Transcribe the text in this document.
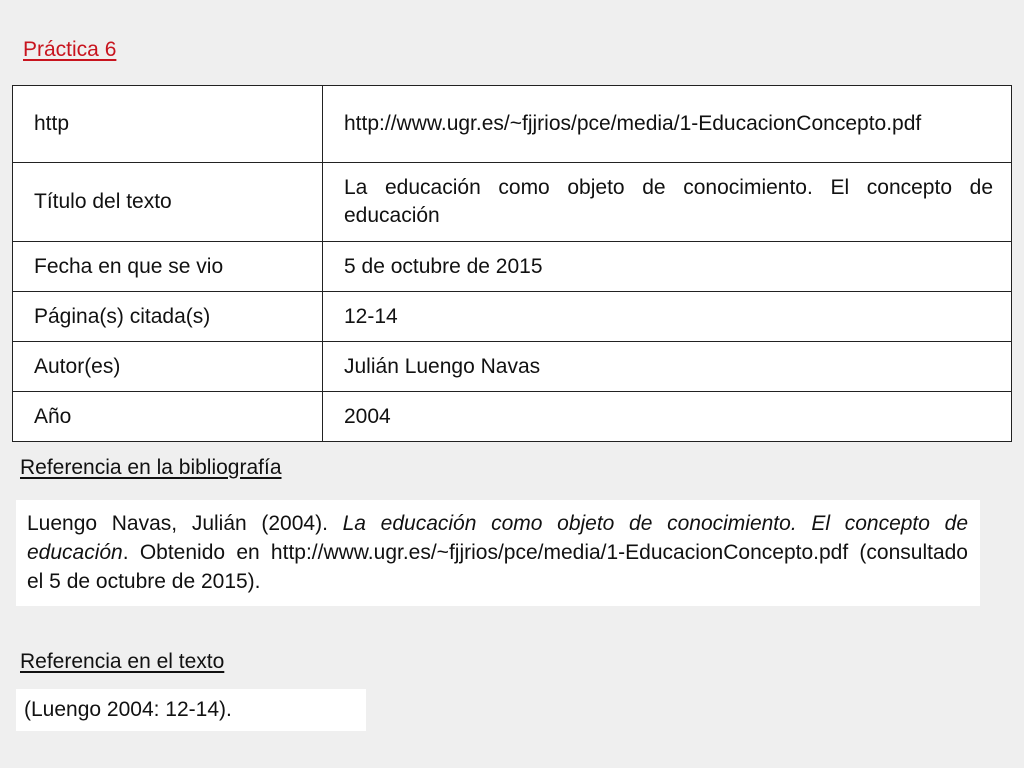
Práctica 6
http	http://www.ugr.es/~fjjrios/pce/media/1-EducacionConcepto.pdf
Título del texto	La educación como objeto de conocimiento. El concepto de educación
Fecha en que se vio	5 de octubre de 2015
Página(s) citada(s)	12-14
Autor(es)	Julián Luengo Navas
Año	2004
Referencia en la bibliografía
Luengo Navas, Julián (2004). La educación como objeto de conocimiento. El concepto de educación. Obtenido en http://www.ugr.es/~fjjrios/pce/media/1-EducacionConcepto.pdf (consultado el 5 de octubre de 2015).
Referencia en el texto
(Luengo 2004: 12-14).
